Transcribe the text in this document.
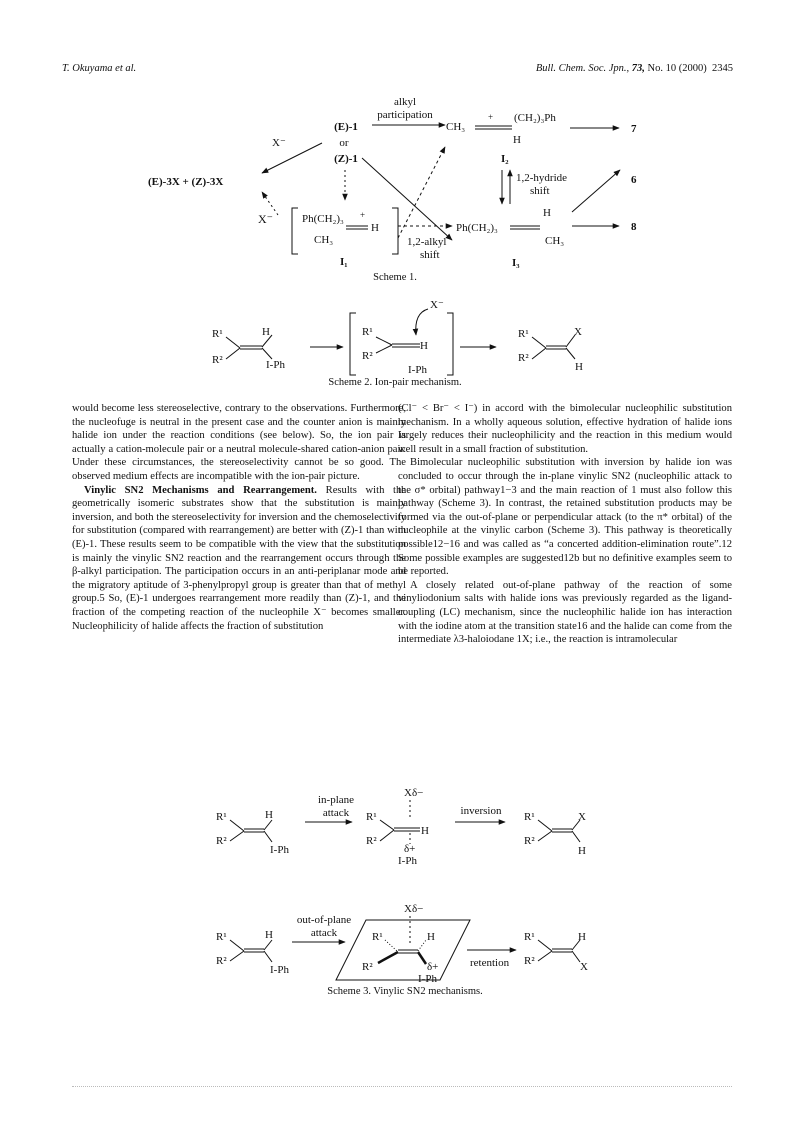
T. Okuyama et al.	Bull. Chem. Soc. Jpn., 73, No. 10 (2000) 2345
alkyl
participation
(E)-1
or
(Z)-1
X⁻
(E)-3X + (Z)-3X
CH₃
+ (CH₂)₃Ph
H
I₂
7
1,2-hydride
shift
6
X⁻	Ph(CH₂)₃ +
H
CH₃
I₁
1,2-alkyl
shift
Ph(CH₂)₃
H
CH₃
I₃
8
Scheme 1.
R¹
R²
H
I-Ph
X⁻
R¹
R²
H
I-Ph
R¹
R²
X
H
Scheme 2. Ion-pair mechanism.

would become less stereoselective, contrary to the observations. Furthermore, the nucleofuge is neutral in the present case and the counter anion is mainly halide ion under the reaction conditions (see below). So, the ion pair is actually a cation-molecule pair or a neutral molecule-shared cation-anion pair. Under these circumstances, the stereoselectivity cannot be so good. The observed medium effects are incompatible with the ion-pair picture.

Vinylic SN2 Mechanisms and Rearrangement. Results with the geometrically isomeric substrates show that the substitution is mainly inversion, and both the stereoselectivity for inversion and the chemoselectivity for substitution (compared with rearrangement) are better with (Z)-1 than with (E)-1. These results seem to be compatible with the view that the substitution is mainly the vinylic SN2 reaction and the rearrangement occurs through the β-alkyl participation. The participation occurs in an anti-periplanar mode and the migratory aptitude of 3-phenylpropyl group is greater than that of methyl group.5 So, (E)-1 undergoes rearrangement more readily than (Z)-1, and the fraction of the competing reaction of the nucleophile X⁻ becomes smaller. Nucleophilicity of halide affects the fraction of substitution

(Cl⁻ < Br⁻ < I⁻) in accord with the bimolecular nucleophilic substitution mechanism. In a wholly aqueous solution, effective hydration of halide ions largely reduces their nucleophilicity and the reaction in this medium would well result in a small fraction of substitution.

Bimolecular nucleophilic substitution with inversion by halide ion was concluded to occur through the in-plane vinylic SN2 (nucleophilic attack to the σ* orbital) pathway1−3 and the main reaction of 1 must also follow this pathway (Scheme 3). In contrast, the retained substitution products may be formed via the out-of-plane or perpendicular attack (to the π* orbital) of the nucleophile at the vinylic carbon (Scheme 3). This pathway is theoretically possible12−16 and was called as “a concerted addition-elimination route”.12 Some possible examples are suggested12b but no definitive examples seem to be reported.

A closely related out-of-plane pathway of the reaction of some vinyliodonium salts with halide ions was previously regarded as the ligand-coupling (LC) mechanism, since the nucleophilic halide ion has interaction with the iodine atom at the transition state16 and the halide can come from the intermediate λ3-haloiodane 1X; i.e., the reaction is intramolecular

R¹
R²
H
I-Ph
in-plane
attack
Xδ−
R¹
R²
H
δ+
I-Ph
inversion R¹
R²
X
H
R¹
R²
H
I-Ph
out-of-plane
attack
Xδ−
R¹
R²
H
δ+
I-Ph
retention
R¹
R²
H
X
Scheme 3. Vinylic SN2 mechanisms.
